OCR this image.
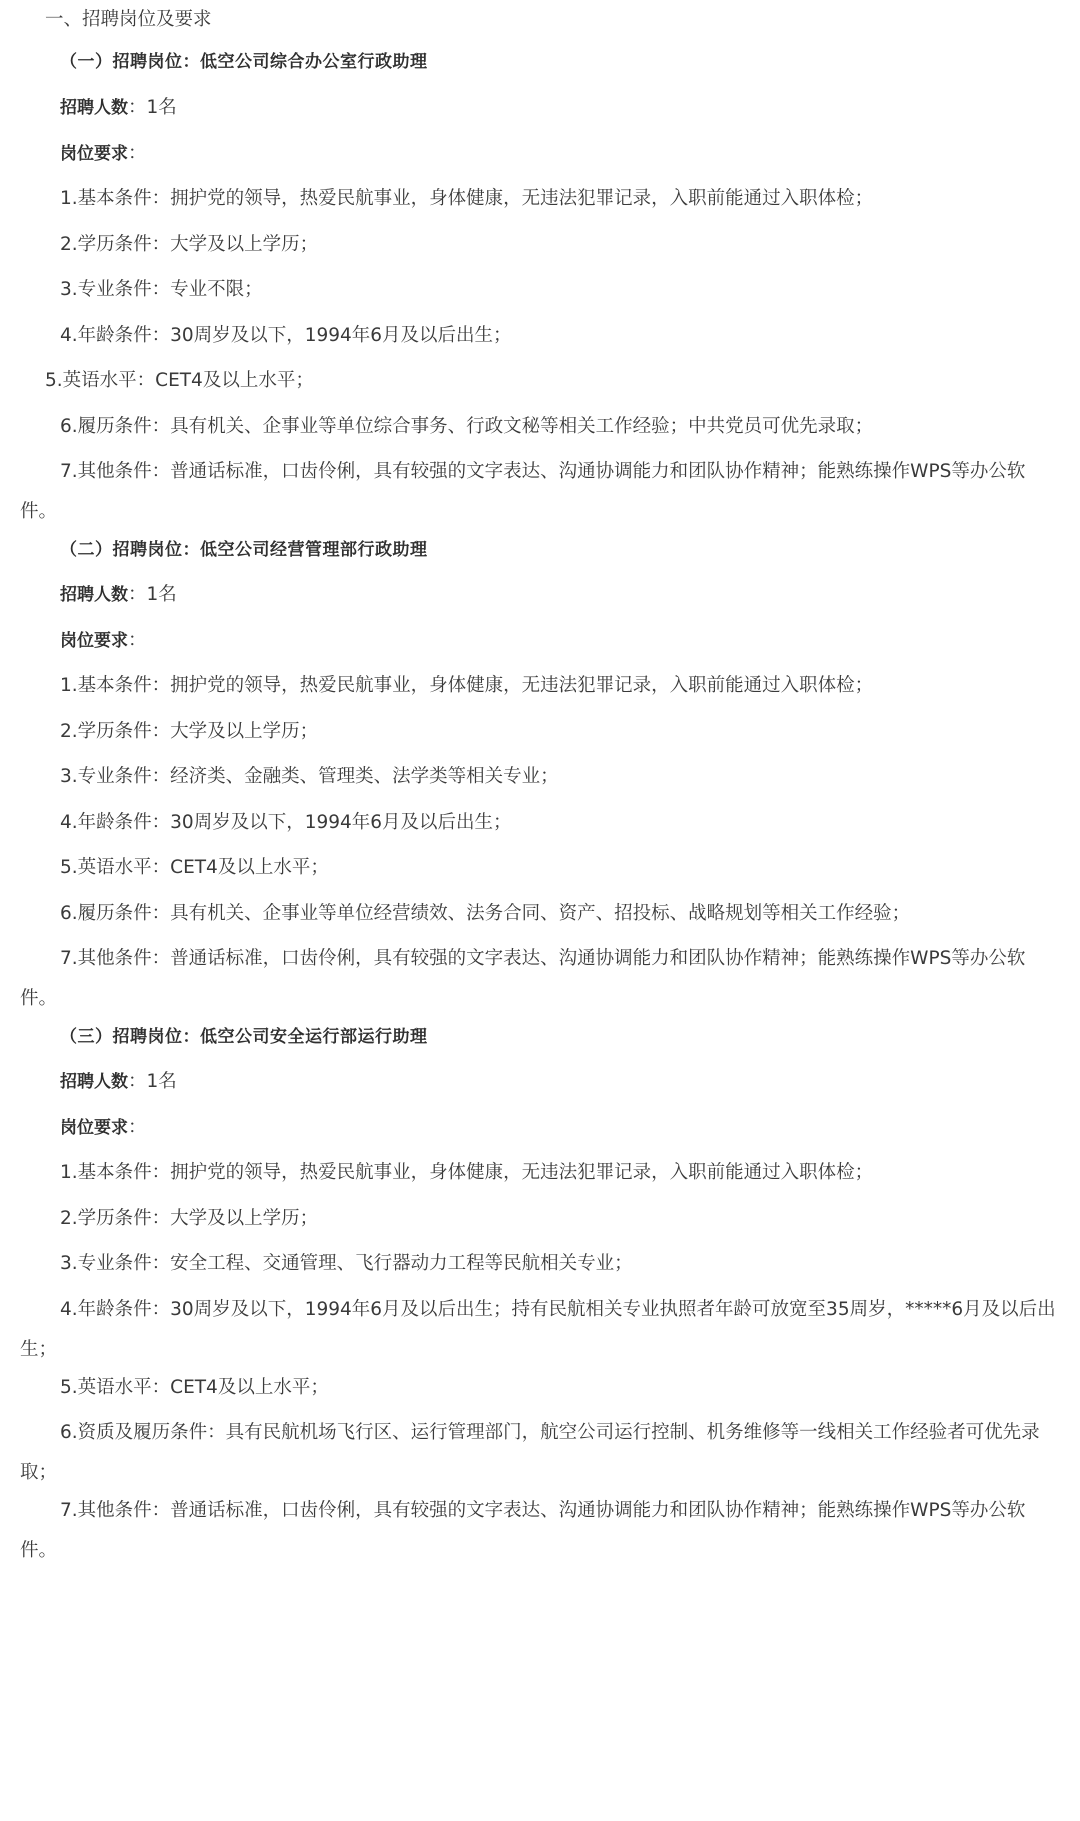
一、招聘岗位及要求
（一）招聘岗位：低空公司综合办公室行政助理
招聘人数：1名
岗位要求：
1.基本条件：拥护党的领导，热爱民航事业，身体健康，无违法犯罪记录，入职前能通过入职体检；
2.学历条件：大学及以上学历；
3.专业条件：专业不限；
4.年龄条件：30周岁及以下，1994年6月及以后出生；
5.英语水平：CET4及以上水平；
6.履历条件：具有机关、企事业等单位综合事务、行政文秘等相关工作经验；中共党员可优先录取；
7.其他条件：普通话标准，口齿伶俐，具有较强的文字表达、沟通协调能力和团队协作精神；能熟练操作WPS等办公软件。
（二）招聘岗位：低空公司经营管理部行政助理
招聘人数：1名
岗位要求：
1.基本条件：拥护党的领导，热爱民航事业，身体健康，无违法犯罪记录，入职前能通过入职体检；
2.学历条件：大学及以上学历；
3.专业条件：经济类、金融类、管理类、法学类等相关专业；
4.年龄条件：30周岁及以下，1994年6月及以后出生；
5.英语水平：CET4及以上水平；
6.履历条件：具有机关、企事业等单位经营绩效、法务合同、资产、招投标、战略规划等相关工作经验；
7.其他条件：普通话标准，口齿伶俐，具有较强的文字表达、沟通协调能力和团队协作精神；能熟练操作WPS等办公软件。
（三）招聘岗位：低空公司安全运行部运行助理
招聘人数：1名
岗位要求：
1.基本条件：拥护党的领导，热爱民航事业，身体健康，无违法犯罪记录，入职前能通过入职体检；
2.学历条件：大学及以上学历；
3.专业条件：安全工程、交通管理、飞行器动力工程等民航相关专业；
4.年龄条件：30周岁及以下，1994年6月及以后出生；持有民航相关专业执照者年龄可放宽至35周岁，*****6月及以后出生；
5.英语水平：CET4及以上水平；
6.资质及履历条件：具有民航机场飞行区、运行管理部门，航空公司运行控制、机务维修等一线相关工作经验者可优先录取；
7.其他条件：普通话标准，口齿伶俐，具有较强的文字表达、沟通协调能力和团队协作精神；能熟练操作WPS等办公软件。
